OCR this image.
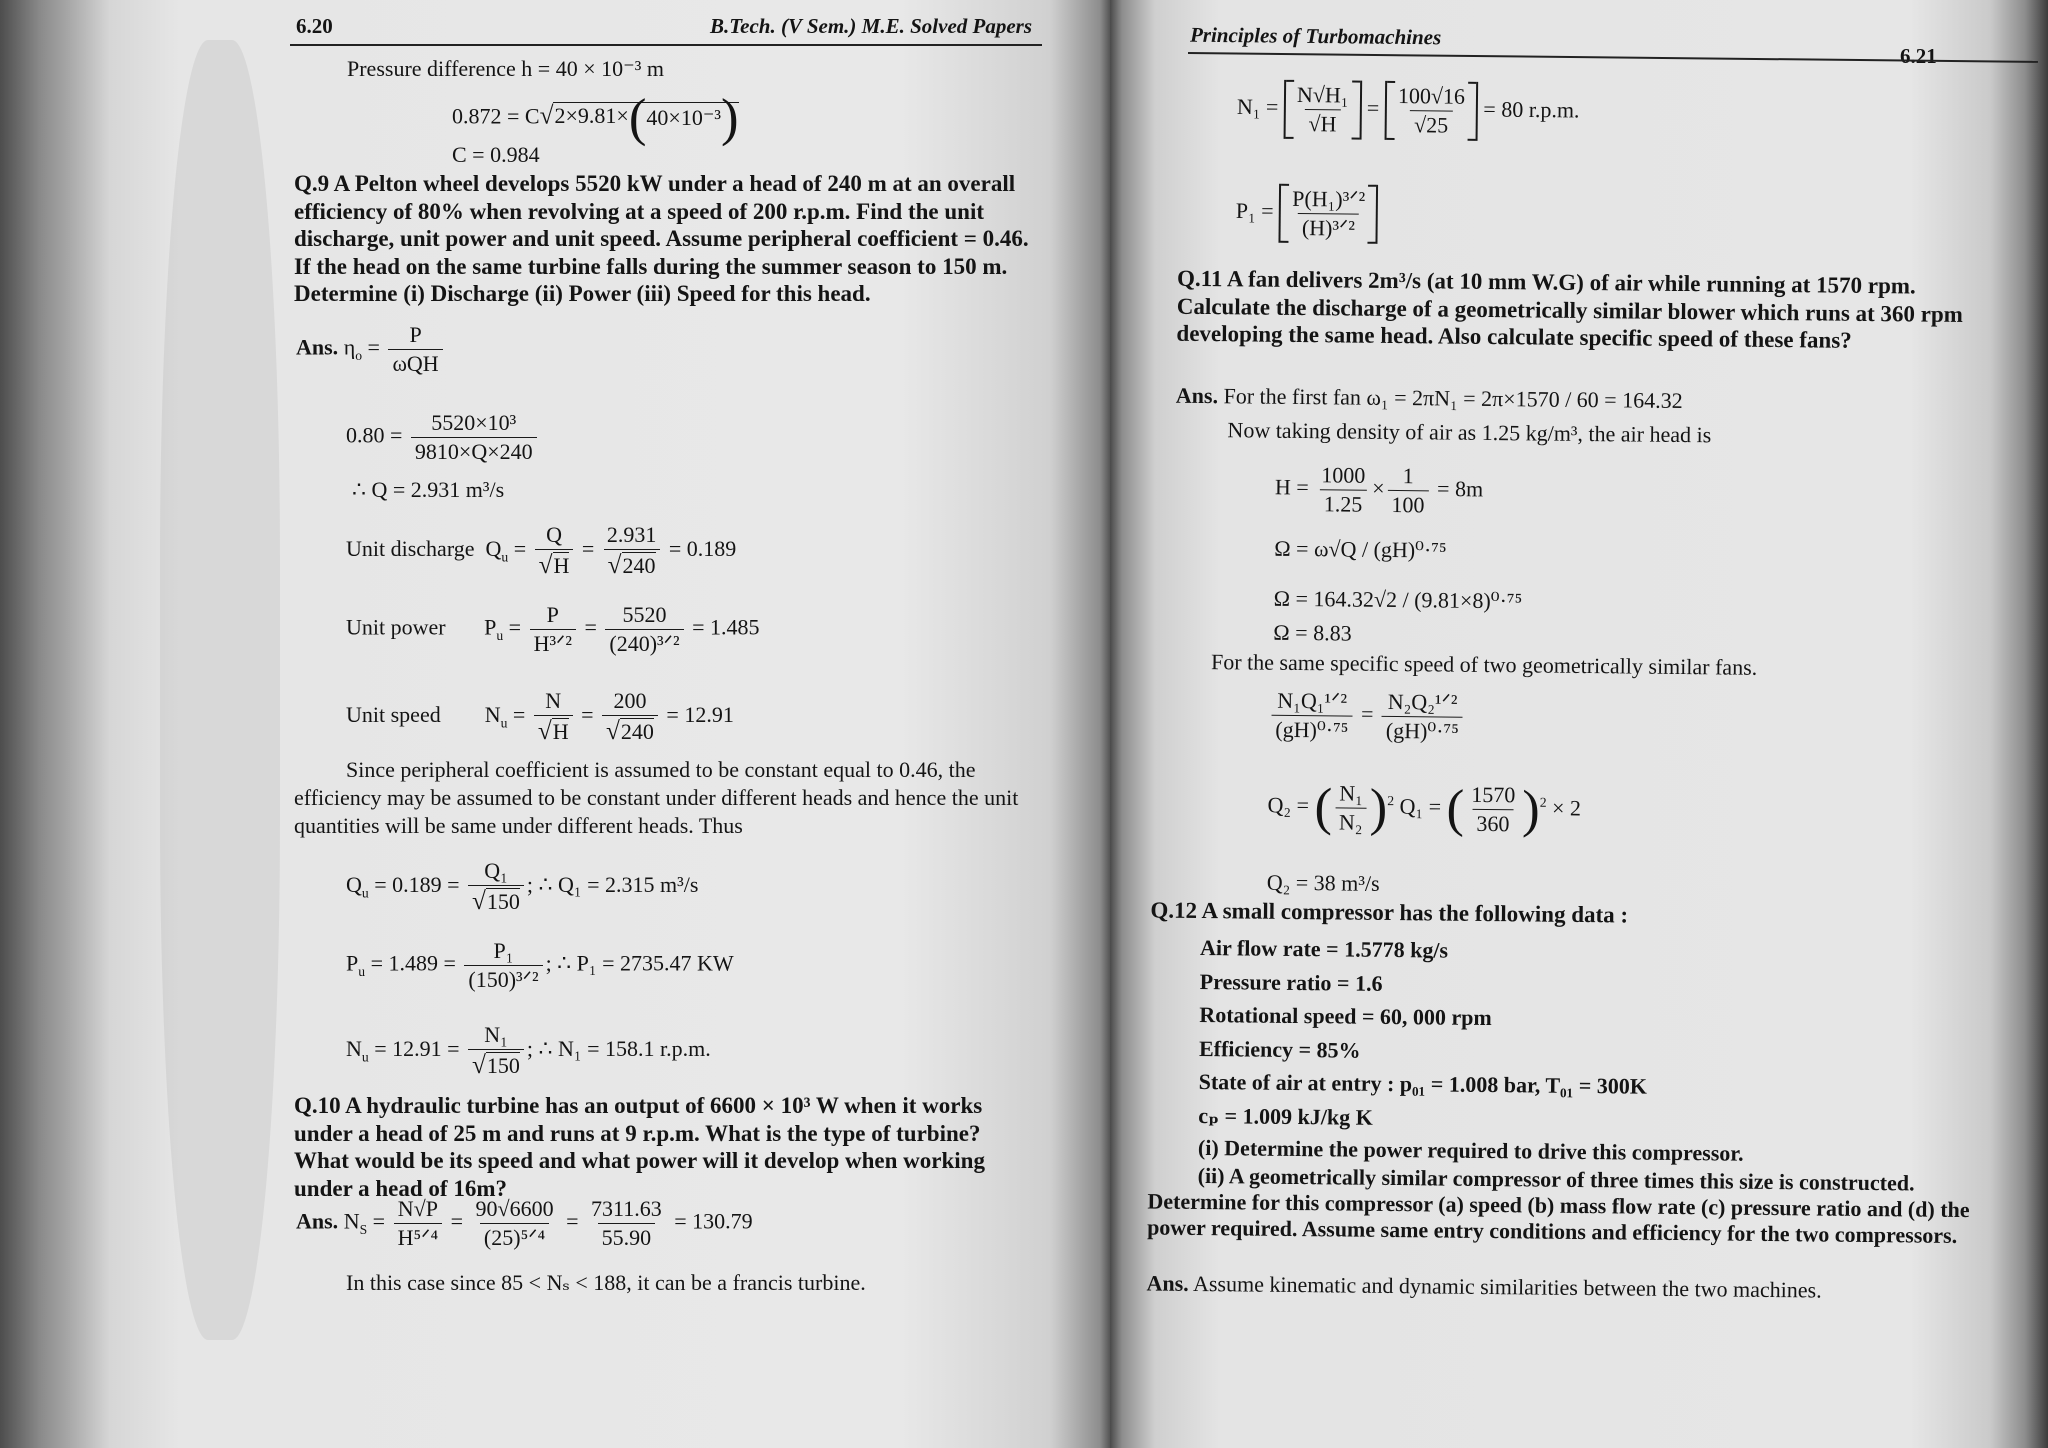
6.20	B.Tech. (V Sem.) M.E. Solved Papers
Pressure difference h = 40 × 10⁻³ m
0.872 = C√2×9.81× ( 40×10⁻³ )
C = 0.984
Q.9 A Pelton wheel develops 5520 kW under a head of 240 m at an overall efficiency of 80% when revolving at a speed of 200 r.p.m. Find the unit discharge, unit power and unit speed. Assume peripheral coefficient = 0.46. If the head on the same turbine falls during the summer season to 150 m. Determine (i) Discharge (ii) Power (iii) Speed for this head.
Ans. $\eta_o = \frac{P}{\text{ωQH}}$
$0.80 = \frac{\text{5520×10³}}{9810\times Q\times 240}$
∴ Q = 2.931 m³/s
Unit discharge $Q_u = \frac{Q}{√H} = \frac{2.931}{√240} = 0.189$
Unit power $P_u = \frac{P}{\text{H³ᐟ²}} = \frac{5520}{\text{(240)³ᐟ²}} = 1.485$
Unit speed $N_u = \frac{N}{√H} = \frac{200}{√240} = 12.91$
Since peripheral coefficient is assumed to be constant equal to 0.46, the efficiency may be assumed to be constant under different heads and hence the unit quantities will be same under different heads. Thus
$Q_u = 0.189 = \frac{\text{Q₁}}{√150}$ ; ∴ Q₁ = 2.315 m³/s
$P_u = 1.489 = \frac{\text{P₁}}{\text{(150)³ᐟ²}}$ ; ∴ P₁ = 2735.47 KW
$N_u = 12.91 = \frac{\text{N₁}}{√150}$ ; ∴ N₁ = 158.1 r.p.m.
Q.10 A hydraulic turbine has an output of 6600 × 10³ W when it works under a head of 25 m and runs at 9 r.p.m. What is the type of turbine? What would be its speed and what power will it develop when working under a head of 16m?
Ans. $N_S = \frac{N√P}{\text{H⁵ᐟ⁴}} = \frac{90√6600}{\text{(25)⁵ᐟ⁴}} = \frac{7311.63}{55.90} = 130.79$
In this case since 85 < Nₛ < 188, it can be a francis turbine.
Principles of Turbomachines
6.21
$N_1 = \frac{\text{N√H₁}}{√H} = \frac{100√16}{√25} = 80$ r.p.m.
$P_1 = \frac{\text{P(H₁)³ᐟ²}}{\text{(H)³ᐟ²}}$
Q.11 A fan delivers 2m³/s (at 10 mm W.G) of air while running at 1570 rpm. Calculate the discharge of a geometrically similar blower which runs at 360 rpm developing the same head. Also calculate specific speed of these fans?
Ans. For the first fan ω₁ = 2πN₁ = 2π×1570 / 60 = 164.32
Now taking density of air as 1.25 kg/m³, the air head is
$H = \frac{1000}{1.25} \times \frac{1}{100} = 8m$
Ω = ω√Q / (gH)⁰·⁷⁵
Ω = 164.32√2 / (9.81×8)⁰·⁷⁵
Ω = 8.83
For the same specific speed of two geometrically similar fans.
$\frac{\text{N₁Q₁¹ᐟ²}}{\text{(gH)⁰·⁷⁵}} = \frac{\text{N₂Q₂¹ᐟ²}}{\text{(gH)⁰·⁷⁵}}$
Q₂ = ( $\frac{\text{N₁}}{\text{N₂}}$ ) $^2$ Q₁ = ( $\frac{1570}{360}$ ) $^2$ × 2
Q₂ = 38 m³/s
Q.12 A small compressor has the following data :
Air flow rate = 1.5778 kg/s
Pressure ratio = 1.6
Rotational speed = 60, 000 rpm
Efficiency = 85%
State of air at entry : p₀₁ = 1.008 bar, T₀₁ = 300K
cₚ = 1.009 kJ/kg K
(i) Determine the power required to drive this compressor.
(ii) A geometrically similar compressor of three times this size is constructed. Determine for this compressor (a) speed (b) mass flow rate (c) pressure ratio and (d) the power required. Assume same entry conditions and efficiency for the two compressors.
Ans. Assume kinematic and dynamic similarities between the two machines.
